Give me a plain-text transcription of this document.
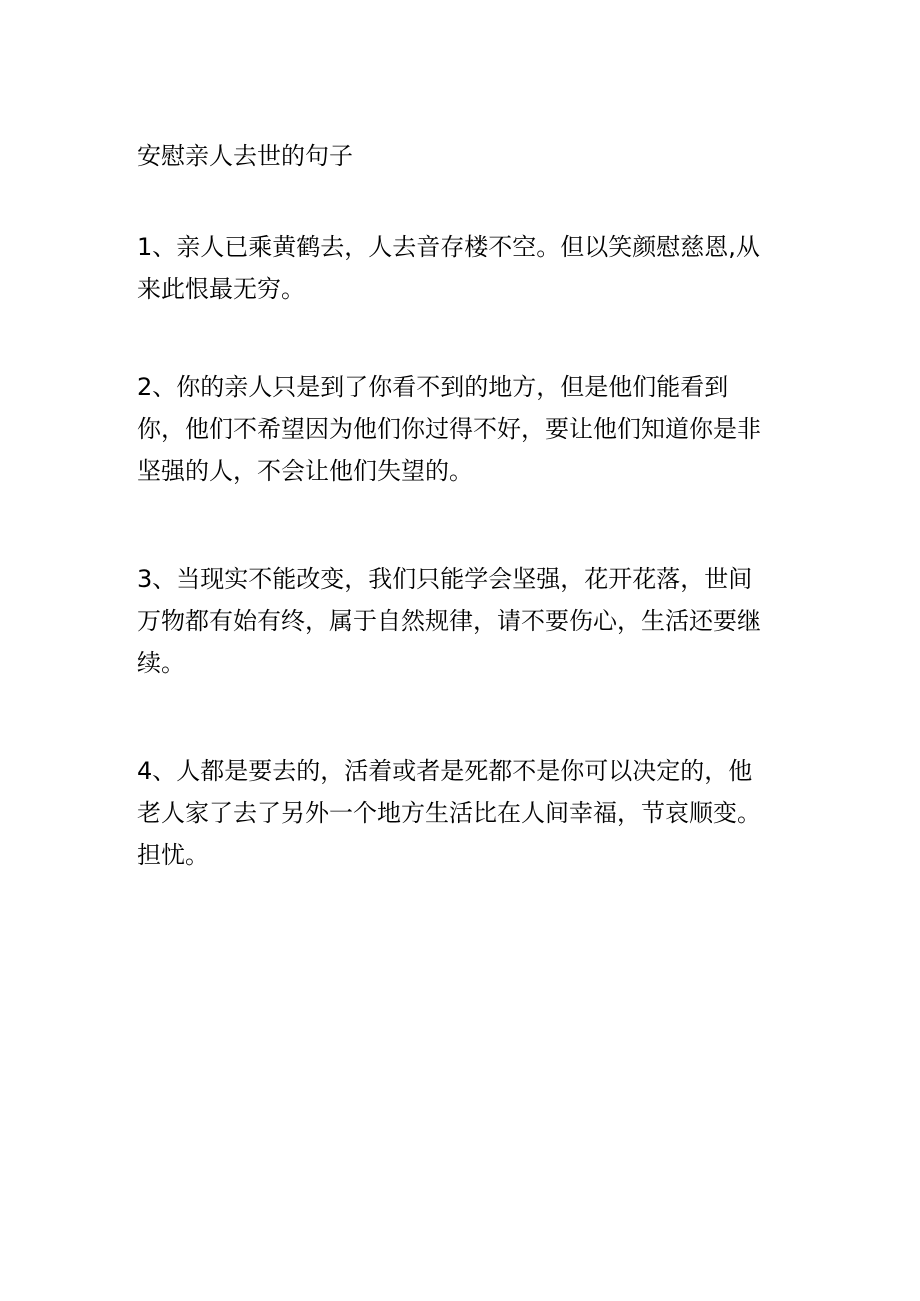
安慰亲人去世的句子
1、亲人已乘黄鹤去，人去音存楼不空。但以笑颜慰慈恩,从
来此恨最无穷。
2、你的亲人只是到了你看不到的地方，但是他们能看到
你，他们不希望因为他们你过得不好，要让他们知道你是非
坚强的人，不会让他们失望的。
3、当现实不能改变，我们只能学会坚强，花开花落，世间
万物都有始有终，属于自然规律，请不要伤心，生活还要继
续。
4、人都是要去的，活着或者是死都不是你可以决定的，他
老人家了去了另外一个地方生活比在人间幸福，节哀顺变。
担忧。
